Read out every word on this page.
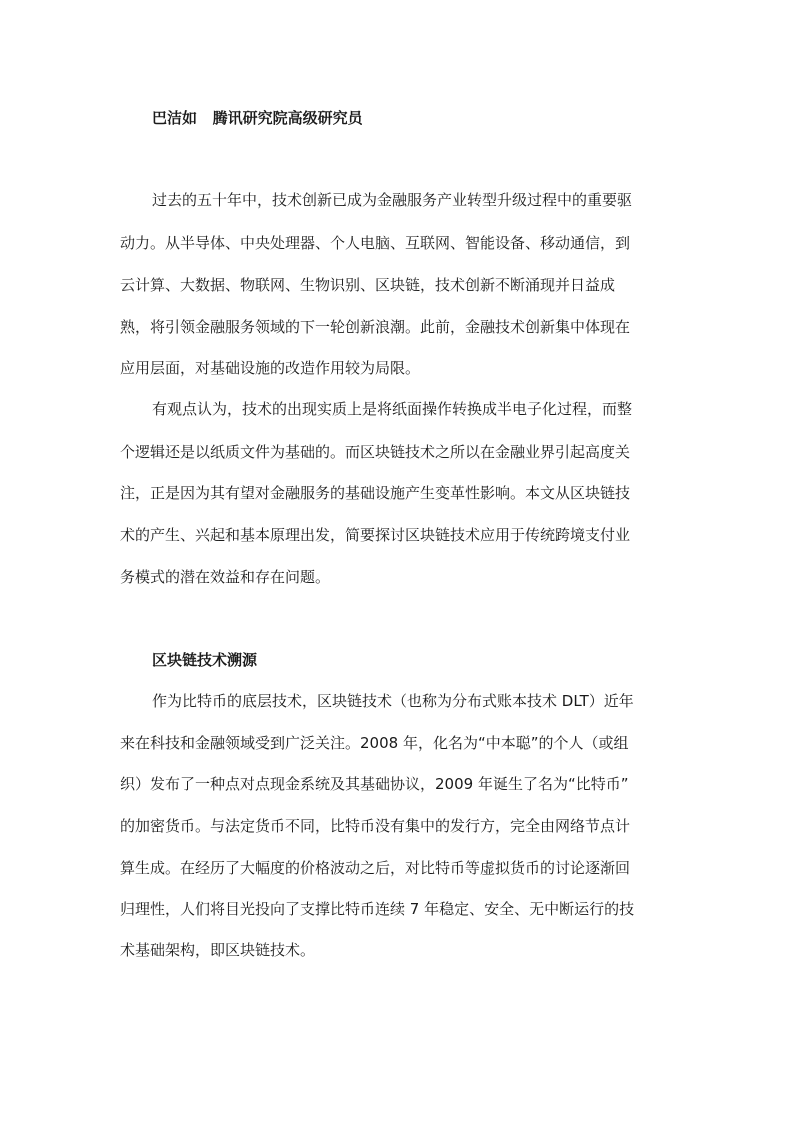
巴洁如   腾讯研究院高级研究员
过去的五十年中，技术创新已成为金融服务产业转型升级过程中的重要驱
动力。从半导体、中央处理器、个人电脑、互联网、智能设备、移动通信，到
云计算、大数据、物联网、生物识别、区块链，技术创新不断涌现并日益成
熟，将引领金融服务领域的下一轮创新浪潮。此前，金融技术创新集中体现在
应用层面，对基础设施的改造作用较为局限。
有观点认为，技术的出现实质上是将纸面操作转换成半电子化过程，而整
个逻辑还是以纸质文件为基础的。而区块链技术之所以在金融业界引起高度关
注，正是因为其有望对金融服务的基础设施产生变革性影响。本文从区块链技
术的产生、兴起和基本原理出发，简要探讨区块链技术应用于传统跨境支付业
务模式的潜在效益和存在问题。
区块链技术溯源
作为比特币的底层技术，区块链技术（也称为分布式账本技术 DLT）近年
来在科技和金融领域受到广泛关注。2008 年，化名为“中本聪”的个人（或组
织）发布了一种点对点现金系统及其基础协议，2009 年诞生了名为“比特币”
的加密货币。与法定货币不同，比特币没有集中的发行方，完全由网络节点计
算生成。在经历了大幅度的价格波动之后，对比特币等虚拟货币的讨论逐渐回
归理性，人们将目光投向了支撑比特币连续 7 年稳定、安全、无中断运行的技
术基础架构，即区块链技术。
